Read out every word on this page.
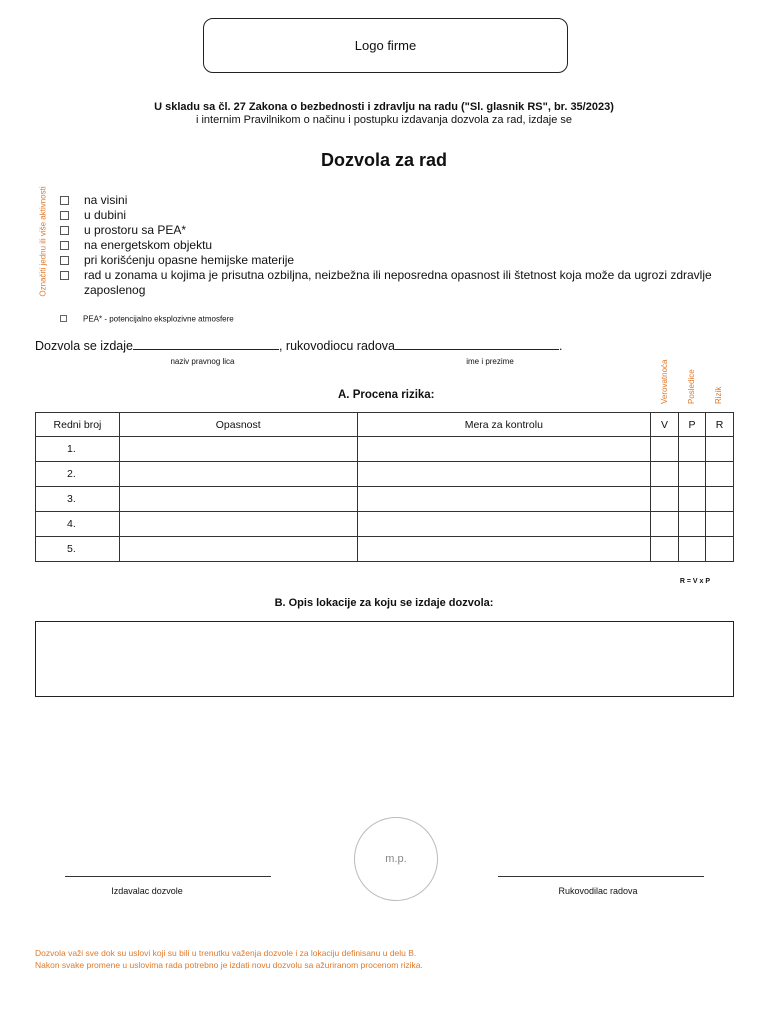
Logo firme
U skladu sa čl. 27 Zakona o bezbednosti i zdravlju na radu ("Sl. glasnik RS", br. 35/2023)
i internim Pravilnikom o načinu i postupku izdavanja dozvola za rad, izdaje se
Dozvola za rad
Označiti jednu ili više aktivnosti	na visini
u dubini
u prostoru sa PEA*
na energetskom objektu
pri korišćenju opasne hemijske materije
rad u zonama u kojima je prisutna ozbiljna, neizbežna ili neposredna opasnost ili štetnost koja može da ugrozi zdravlje zaposlenog
PEA* - potencijalno eksplozivne atmosfere
Dozvola se izdaje	, rukovodiocu radova	.
naziv pravnog lica	ime i prezime	Verovatnoća Posledice Rizik
A. Procena rizika:
Redni broj	Opasnost	Mera za kontrolu	V	P	R
1.					
2.					
3.					
4.					
5.					
R = V x P
B. Opis lokacije za koju se izdaje dozvola:
m.p.
Izdavalac dozvole	Rukovodilac radova
Dozvola važi sve dok su uslovi koji su bili u trenutku važenja dozvole i za lokaciju definisanu u delu B.
Nakon svake promene u uslovima rada potrebno je izdati novu dozvolu sa ažuriranom procenom rizika.
